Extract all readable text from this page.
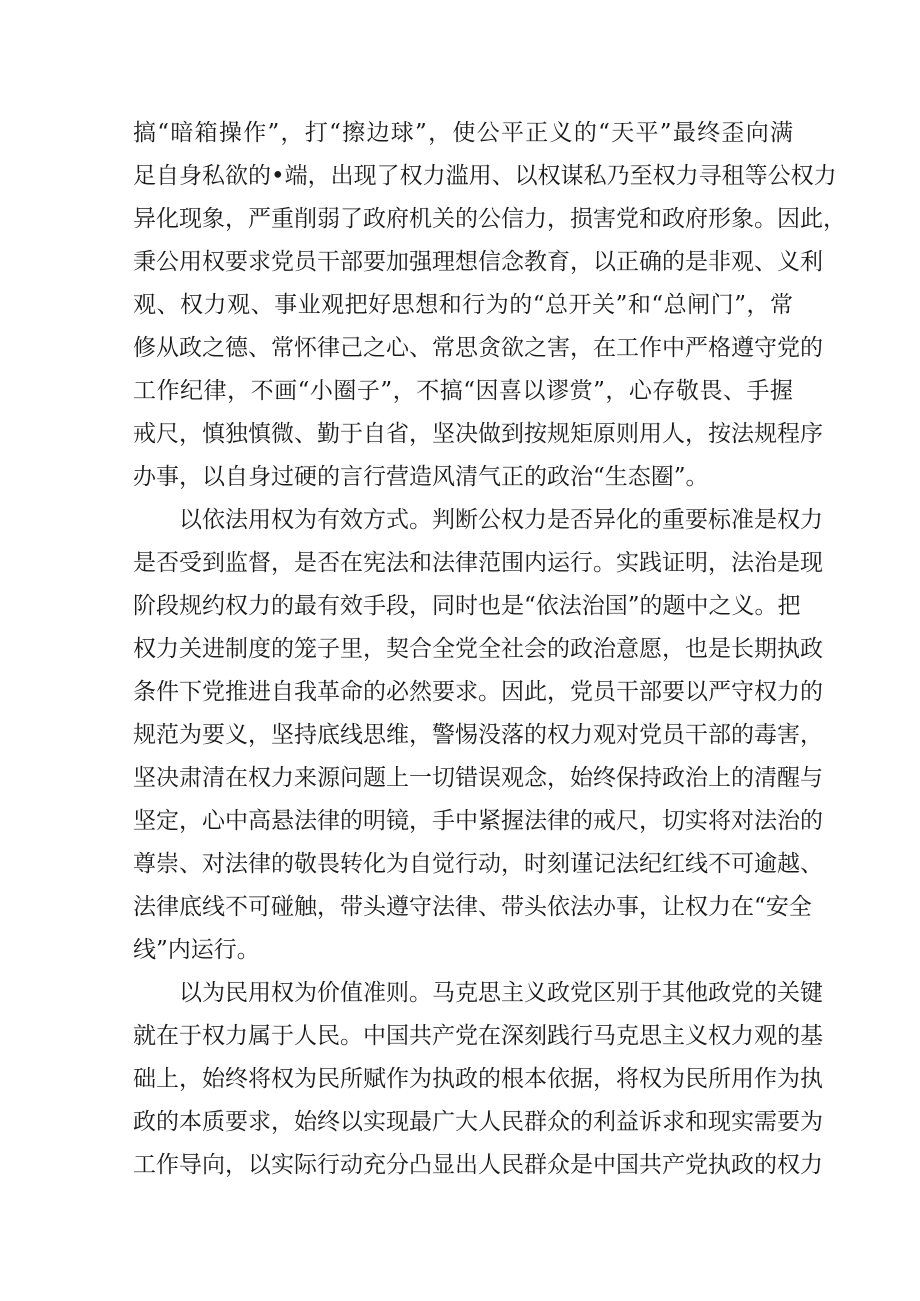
搞“暗箱操作”，打“擦边球”，使公平正义的“天平”最终歪向满
足自身私欲的•端，出现了权力滥用、以权谋私乃至权力寻租等公权力
异化现象，严重削弱了政府机关的公信力，损害党和政府形象。因此，
秉公用权要求党员干部要加强理想信念教育，以正确的是非观、义利
观、权力观、事业观把好思想和行为的“总开关”和“总闸门”，常
修从政之德、常怀律己之心、常思贪欲之害，在工作中严格遵守党的
工作纪律，不画“小圈子”，不搞“因喜以谬赏”，心存敬畏、手握
戒尺，慎独慎微、勤于自省，坚决做到按规矩原则用人，按法规程序
办事，以自身过硬的言行营造风清气正的政治“生态圈”。
以依法用权为有效方式。判断公权力是否异化的重要标准是权力
是否受到监督，是否在宪法和法律范围内运行。实践证明，法治是现
阶段规约权力的最有效手段，同时也是“依法治国”的题中之义。把
权力关进制度的笼子里，契合全党全社会的政治意愿，也是长期执政
条件下党推进自我革命的必然要求。因此，党员干部要以严守权力的
规范为要义，坚持底线思维，警惕没落的权力观对党员干部的毒害，
坚决肃清在权力来源问题上一切错误观念，始终保持政治上的清醒与
坚定，心中高悬法律的明镜，手中紧握法律的戒尺，切实将对法治的
尊崇、对法律的敬畏转化为自觉行动，时刻谨记法纪红线不可逾越、
法律底线不可碰触，带头遵守法律、带头依法办事，让权力在“安全
线”内运行。
以为民用权为价值准则。马克思主义政党区别于其他政党的关键
就在于权力属于人民。中国共产党在深刻践行马克思主义权力观的基
础上，始终将权为民所赋作为执政的根本依据，将权为民所用作为执
政的本质要求，始终以实现最广大人民群众的利益诉求和现实需要为
工作导向，以实际行动充分凸显出人民群众是中国共产党执政的权力
